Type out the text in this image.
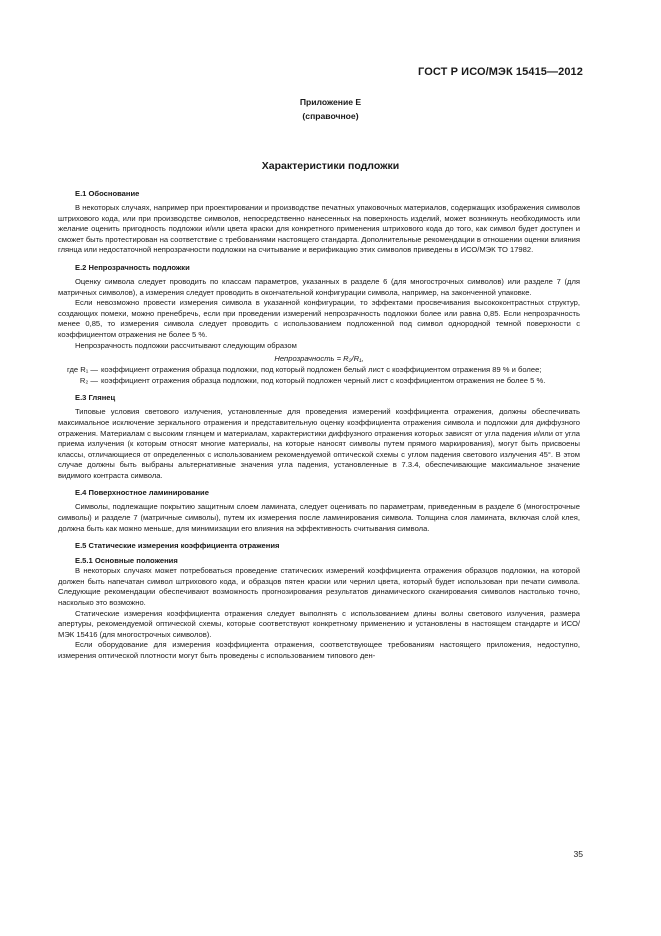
ГОСТ Р ИСО/МЭК 15415—2012
Приложение Е
(справочное)
Характеристики подложки
Е.1 Обоснование

В некоторых случаях, например при проектировании и производстве печатных упаковочных материалов, содержащих изображения символов штрихового кода, или при производстве символов, непосредственно нанесенных на поверхность изделий, может возникнуть необходимость или желание оценить пригодность подложки и/или цвета краски для конкретного применения штрихового кода до того, как символ будет доступен и сможет быть протестирован на соответствие с требованиями настоящего стандарта. Дополнительные рекомендации в отношении оценки влияния глянца или недостаточной непрозрачности подложки на считывание и верификацию этих символов приведены в ИСО/МЭК ТО 17982.

Е.2 Непрозрачность подложки

Оценку символа следует проводить по классам параметров, указанных в разделе 6 (для многострочных символов) или разделе 7 (для матричных символов), а измерения следует проводить в окончательной конфигурации символа, например, на законченной упаковке.

Если невозможно провести измерения символа в указанной конфигурации, то эффектами просвечивания высококонтрастных структур, создающих помехи, можно пренебречь, если при проведении измерений непрозрачность подложки более или равна 0,85. Если непрозрачность менее 0,85, то измерения символа следует проводить с использованием подложенной под символ однородной темной поверхности с коэффициентом отражения не более 5 %.

Непрозрачность подложки рассчитывают следующим образом

Непрозрачность = R₂/R₁,
где R₁ — коэффициент отражения образца подложки, под который подложен белый лист с коэффициентом отражения 89 % и более;
R₂ — коэффициент отражения образца подложки, под который подложен черный лист с коэффициентом отражения не более 5 %.
Е.3 Глянец

Типовые условия светового излучения, установленные для проведения измерений коэффициента отражения, должны обеспечивать максимальное исключение зеркального отражения и представительную оценку коэффициента отражения символа и подложки для диффузного отражения. Материалам с высоким глянцем и материалам, характеристики диффузного отражения которых зависят от угла падения и/или от угла приема излучения (к которым относят многие материалы, на которые наносят символы путем прямого маркирования), могут быть присвоены классы, отличающиеся от определенных с использованием рекомендуемой оптической схемы с углом падения светового излучения 45°. В этом случае должны быть выбраны альтернативные значения угла падения, установленные в 7.3.4, обеспечивающие максимальное значение видимого контраста символа.

Е.4 Поверхностное ламинирование

Символы, подлежащие покрытию защитным слоем ламината, следует оценивать по параметрам, приведенным в разделе 6 (многострочные символы) и разделе 7 (матричные символы), путем их измерения после ламинирования символа. Толщина слоя ламината, включая слой клея, должна быть как можно меньше, для минимизации его влияния на эффективность считывания символа.

Е.5 Статические измерения коэффициента отражения
Е.5.1 Основные положения

В некоторых случаях может потребоваться проведение статических измерений коэффициента отражения образцов подложки, на которой должен быть напечатан символ штрихового кода, и образцов пятен краски или чернил цвета, который будет использован при печати символа. Следующие рекомендации обеспечивают возможность прогнозирования результатов динамического сканирования символов настолько точно, насколько это возможно.

Статические измерения коэффициента отражения следует выполнять с использованием длины волны светового излучения, размера апертуры, рекомендуемой оптической схемы, которые соответствуют конкретному применению и установлены в настоящем стандарте и ИСО/МЭК 15416 (для многострочных символов).

Если оборудование для измерения коэффициента отражения, соответствующее требованиям настоящего приложения, недоступно, измерения оптической плотности могут быть проведены с использованием типового ден-

35
